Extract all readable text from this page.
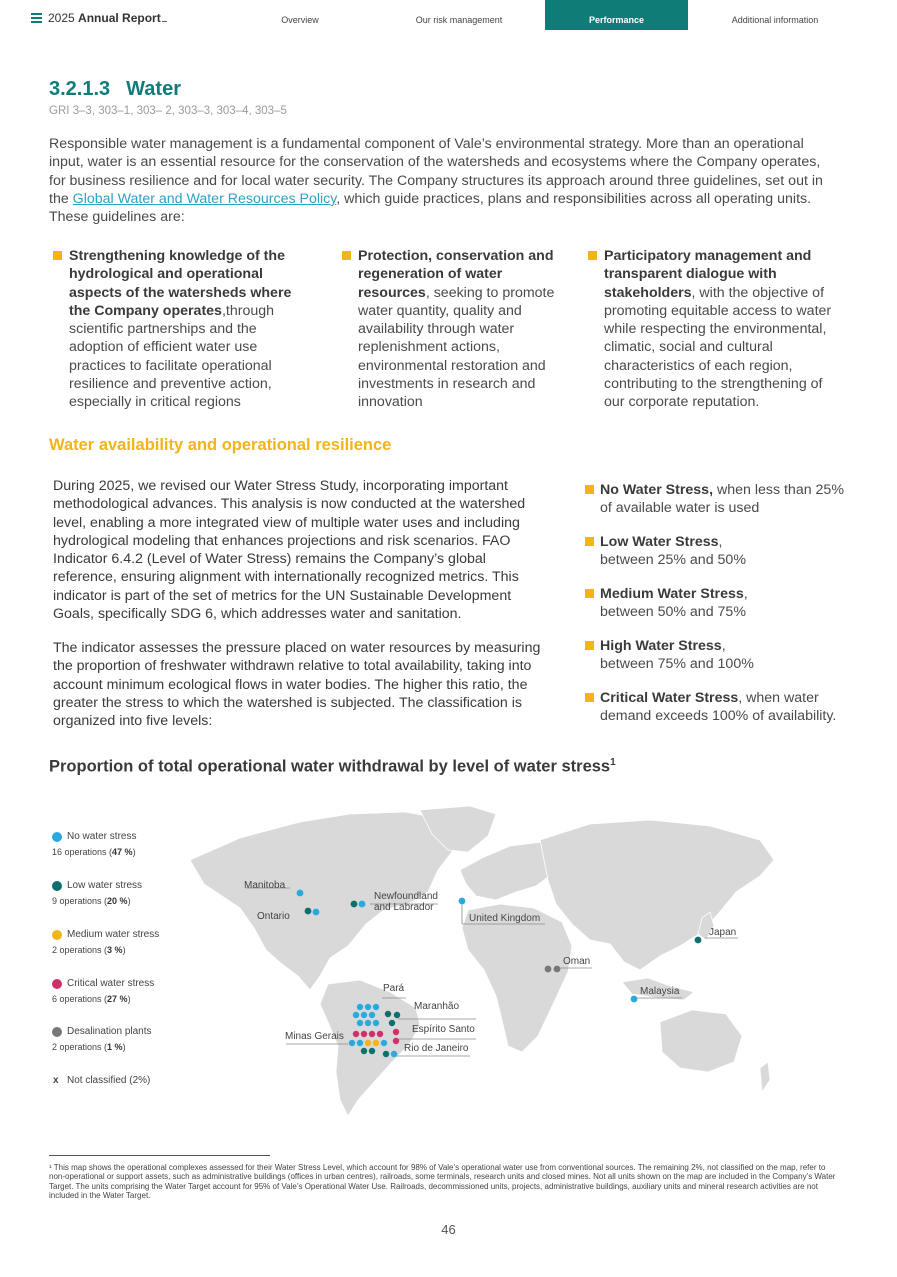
2025 Annual Report	Overview	Our risk management	Performance	Additional information
3.2.1.3 Water
GRI 3–3, 303–1, 303– 2, 303–3, 303–4, 303–5
Responsible water management is a fundamental component of Vale’s environmental strategy. More than an operational input, water is an essential resource for the conservation of the watersheds and ecosystems where the Company operates, for business resilience and for local water security. The Company structures its approach around three guidelines, set out in the Global Water and Water Resources Policy, which guide practices, plans and responsibilities across all operating units. These guidelines are:
Strengthening knowledge of the hydrological and operational aspects of the watersheds where the Company operates,through scientific partnerships and the adoption of efficient water use practices to facilitate operational resilience and preventive action, especially in critical regions
Protection, conservation and regeneration of water resources, seeking to promote water quantity, quality and availability through water replenishment actions, environmental restoration and investments in research and innovation
Participatory management and transparent dialogue with stakeholders, with the objective of promoting equitable access to water while respecting the environmental, climatic, social and cultural characteristics of each region, contributing to the strengthening of our corporate reputation.
Water availability and operational resilience
During 2025, we revised our Water Stress Study, incorporating important methodological advances. This analysis is now conducted at the watershed level, enabling a more integrated view of multiple water uses and including hydrological modeling that enhances projections and risk scenarios. FAO Indicator 6.4.2 (Level of Water Stress) remains the Company’s global reference, ensuring alignment with internationally recognized metrics. This indicator is part of the set of metrics for the UN Sustainable Development Goals, specifically SDG 6, which addresses water and sanitation.
The indicator assesses the pressure placed on water resources by measuring the proportion of freshwater withdrawn relative to total availability, taking into account minimum ecological flows in water bodies. The higher this ratio, the greater the stress to which the watershed is subjected. The classification is organized into five levels:
No Water Stress, when less than 25% of available water is used
Low Water Stress, between 25% and 50%
Medium Water Stress, between 50% and 75%
High Water Stress, between 75% and 100%
Critical Water Stress, when water demand exceeds 100% of availability.
Proportion of total operational water withdrawal by level of water stress$^1$
No water stress
16 operations (47 %)
Low water stress
9 operations (20 %)
Medium water stress
2 operations (3 %)
Critical water stress
6 operations (27 %)
Desalination plants
2 operations (1 %)
x Not classified (2%)
Manitoba
Ontario
Newfoundland
and Labrador
United Kingdom
Japan
Oman
Malaysia
Pará
Maranhão
Espírito Santo
Minas Gerais
Rio de Janeiro
¹ This map shows the operational complexes assessed for their Water Stress Level, which account for 98% of Vale’s operational water use from conventional sources. The remaining 2%, not classified on the map, refer to non-operational or support assets, such as administrative buildings (offices in urban centres), railroads, some terminals, research units and closed mines. Not all units shown on the map are included in the Company’s Water Target. The units comprising the Water Target account for 95% of Vale’s Operational Water Use. Railroads, decommissioned units, projects, administrative buildings, auxiliary units and mineral research activities are not included in the Water Target.
46
